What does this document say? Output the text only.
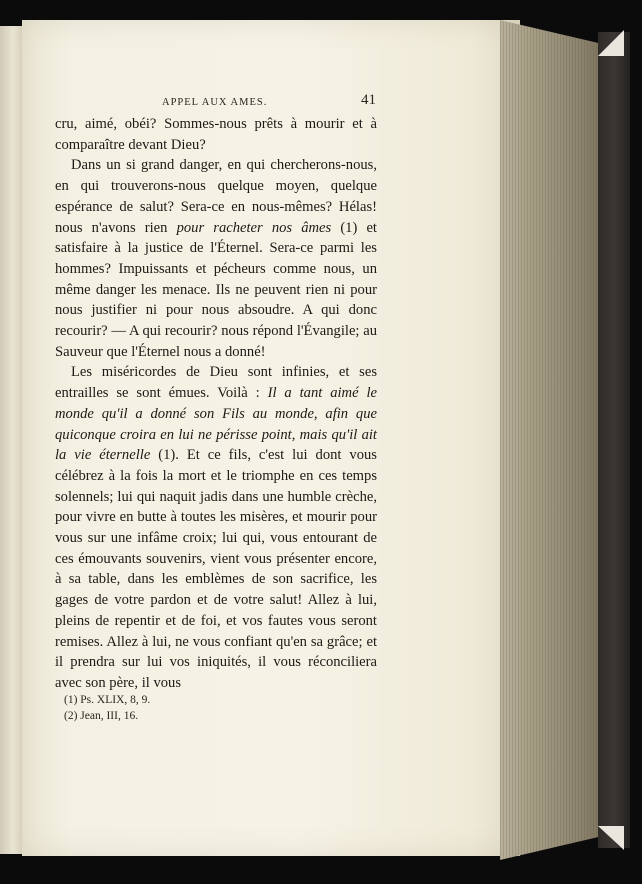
APPEL AUX AMES.	41

cru, aimé, obéi? Sommes-nous prêts à mourir et à comparaître devant Dieu?

Dans un si grand danger, en qui chercherons-nous, en qui trouverons-nous quelque moyen, quelque espérance de salut? Sera-ce en nous-mêmes? Hélas! nous n'avons rien pour racheter nos âmes (1) et satisfaire à la justice de l'Éternel. Sera-ce parmi les hommes? Impuissants et pécheurs comme nous, un même danger les menace. Ils ne peuvent rien ni pour nous justifier ni pour nous absoudre. A qui donc recourir? — A qui recourir? nous répond l'Évangile; au Sauveur que l'Éternel nous a donné!

Les miséricordes de Dieu sont infinies, et ses entrailles se sont émues. Voilà : Il a tant aimé le monde qu'il a donné son Fils au monde, afin que quiconque croira en lui ne périsse point, mais qu'il ait la vie éternelle (1). Et ce fils, c'est lui dont vous célébrez à la fois la mort et le triomphe en ces temps solennels; lui qui naquit jadis dans une humble crèche, pour vivre en butte à toutes les misères, et mourir pour vous sur une infâme croix; lui qui, vous entourant de ces émouvants souvenirs, vient vous présenter encore, à sa table, dans les emblèmes de son sacrifice, les gages de votre pardon et de votre salut! Allez à lui, pleins de repentir et de foi, et vos fautes vous seront remises. Allez à lui, ne vous confiant qu'en sa grâce; et il prendra sur lui vos iniquités, il vous réconciliera avec son père, il vous

(1) Ps. XLIX, 8, 9.
(2) Jean, III, 16.
